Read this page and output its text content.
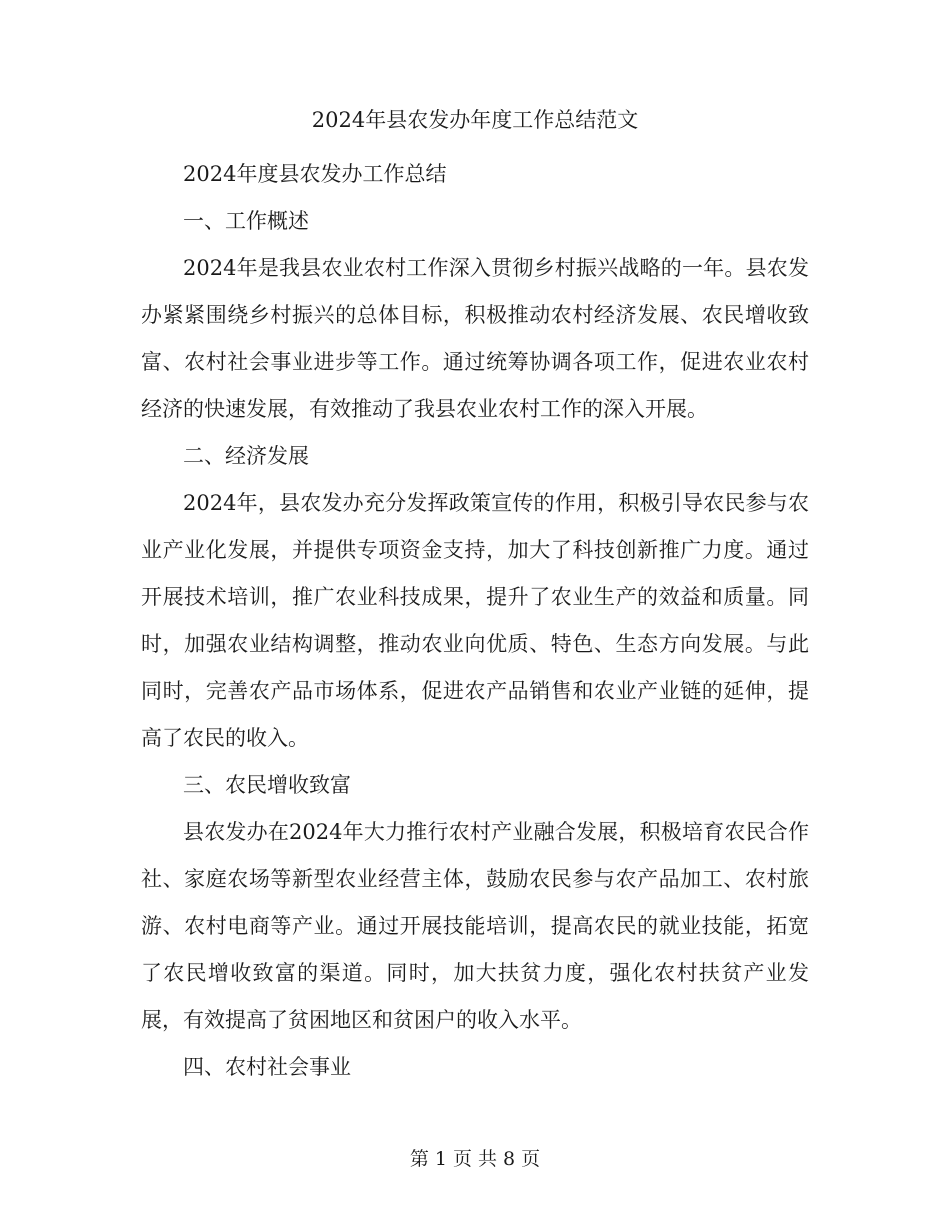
2024年县农发办年度工作总结范文

2024年度县农发办工作总结

一、工作概述

2024年是我县农业农村工作深入贯彻乡村振兴战略的一年。县农发办紧紧围绕乡村振兴的总体目标，积极推动农村经济发展、农民增收致富、农村社会事业进步等工作。通过统筹协调各项工作，促进农业农村经济的快速发展，有效推动了我县农业农村工作的深入开展。

二、经济发展

2024年，县农发办充分发挥政策宣传的作用，积极引导农民参与农业产业化发展，并提供专项资金支持，加大了科技创新推广力度。通过开展技术培训，推广农业科技成果，提升了农业生产的效益和质量。同时，加强农业结构调整，推动农业向优质、特色、生态方向发展。与此同时，完善农产品市场体系，促进农产品销售和农业产业链的延伸，提高了农民的收入。

三、农民增收致富

县农发办在2024年大力推行农村产业融合发展，积极培育农民合作社、家庭农场等新型农业经营主体，鼓励农民参与农产品加工、农村旅游、农村电商等产业。通过开展技能培训，提高农民的就业技能，拓宽了农民增收致富的渠道。同时，加大扶贫力度，强化农村扶贫产业发展，有效提高了贫困地区和贫困户的收入水平。

四、农村社会事业

第 1 页 共 8 页
